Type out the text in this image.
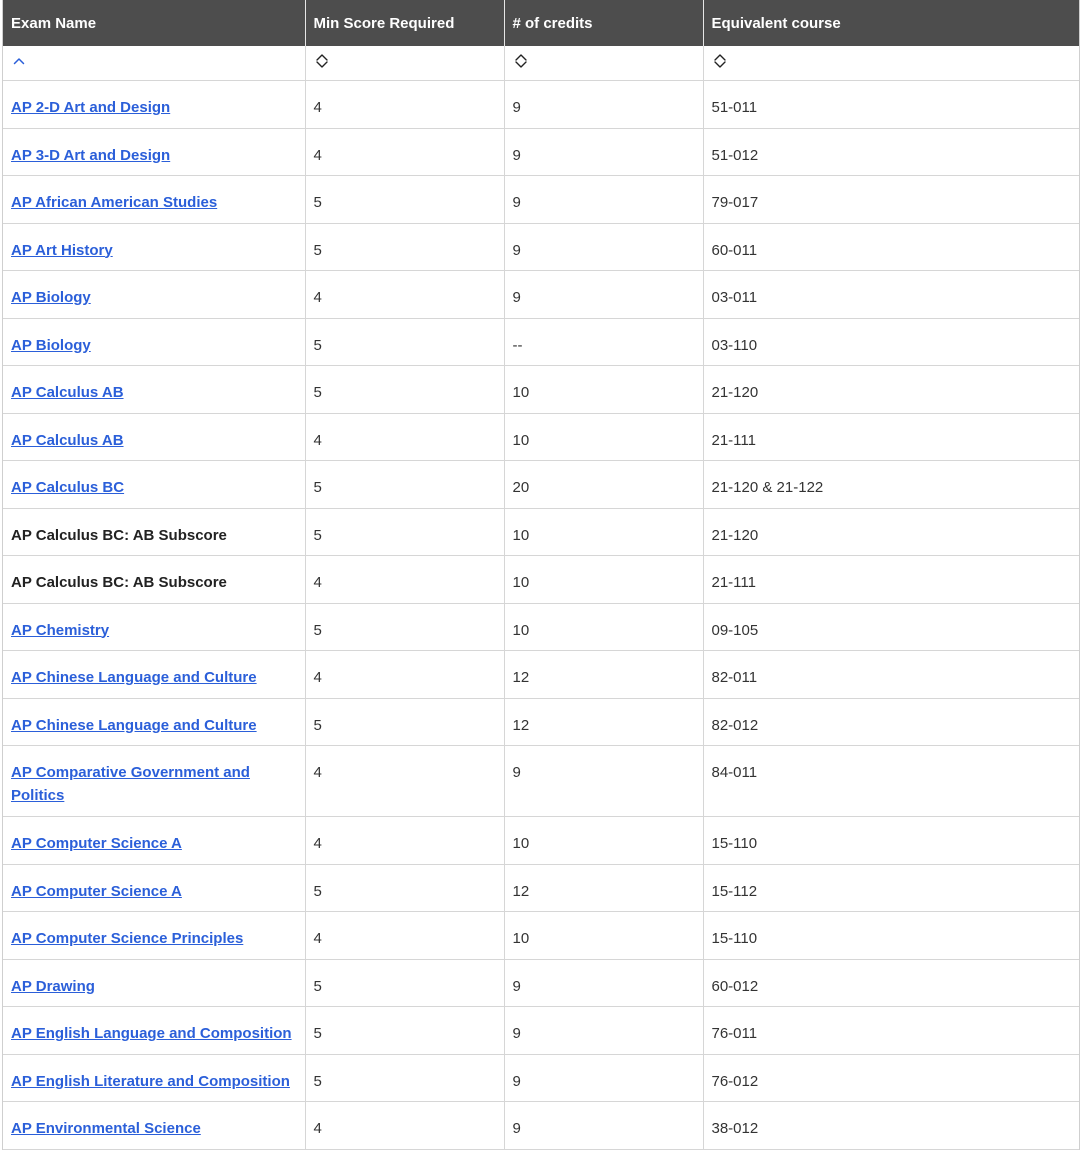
Exam Name	Min Score Required	# of credits	Equivalent course

AP 2-D Art and Design	4	9	51-011
AP 3-D Art and Design	4	9	51-012
AP African American Studies	5	9	79-017
AP Art History	5	9	60-011
AP Biology	4	9	03-011
AP Biology	5	--	03-110
AP Calculus AB	5	10	21-120
AP Calculus AB	4	10	21-111
AP Calculus BC	5	20	21-120 & 21-122
AP Calculus BC: AB Subscore	5	10	21-120
AP Calculus BC: AB Subscore	4	10	21-111
AP Chemistry	5	10	09-105
AP Chinese Language and Culture	4	12	82-011
AP Chinese Language and Culture	5	12	82-012
AP Comparative Government and Politics	4	9	84-011
AP Computer Science A	4	10	15-110
AP Computer Science A	5	12	15-112
AP Computer Science Principles	4	10	15-110
AP Drawing	5	9	60-012
AP English Language and Composition	5	9	76-011
AP English Literature and Composition	5	9	76-012
AP Environmental Science	4	9	38-012
